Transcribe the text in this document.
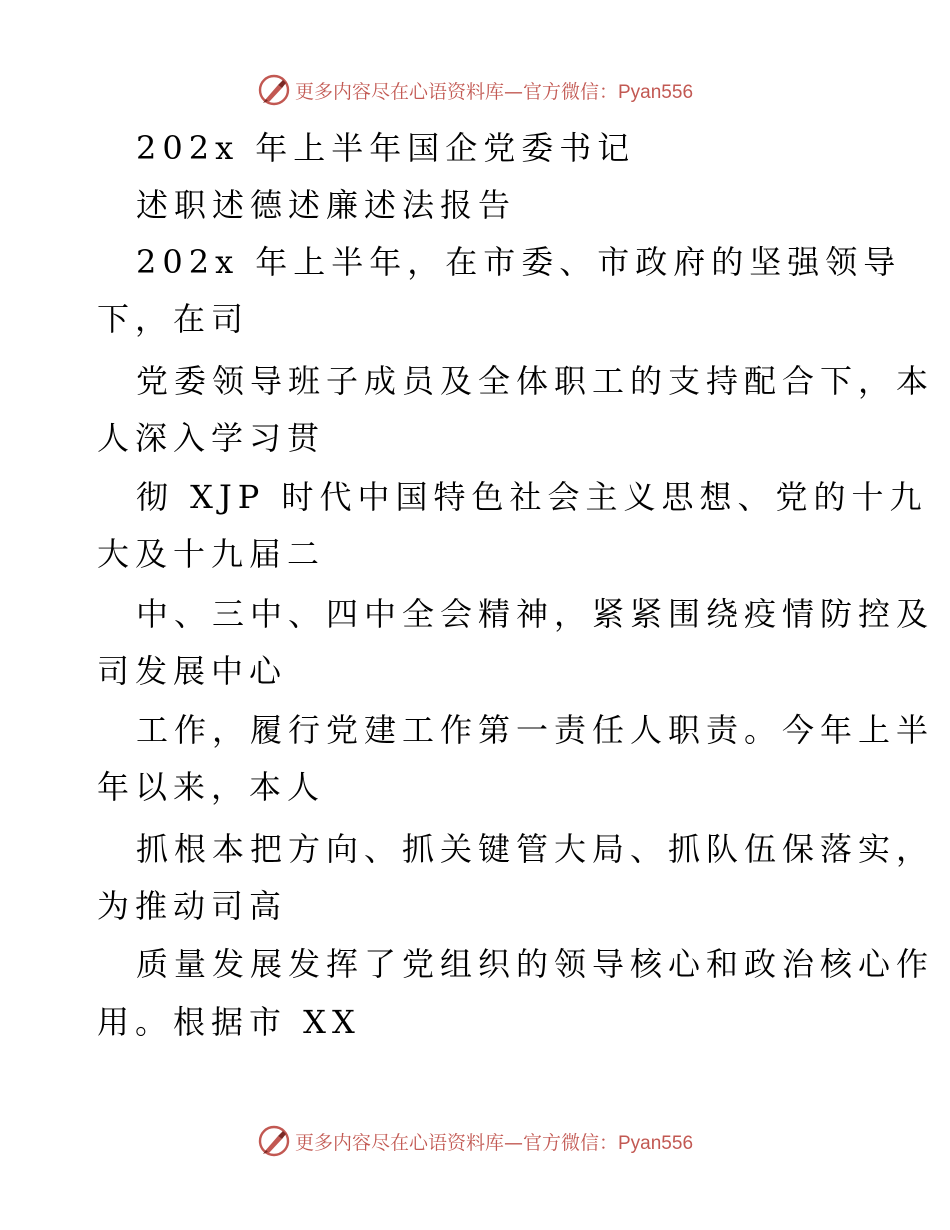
更多内容尽在心语资料库—官方微信：Pyan556
202x 年上半年国企党委书记
述职述德述廉述法报告
202x 年上半年，在市委、市政府的坚强领导
下，在司
党委领导班子成员及全体职工的支持配合下，本
人深入学习贯
彻 XJP 时代中国特色社会主义思想、党的十九
大及十九届二
中、三中、四中全会精神，紧紧围绕疫情防控及
司发展中心
工作，履行党建工作第一责任人职责。今年上半
年以来，本人
抓根本把方向、抓关键管大局、抓队伍保落实，
为推动司高
质量发展发挥了党组织的领导核心和政治核心作
用。根据市 XX
更多内容尽在心语资料库—官方微信：Pyan556
